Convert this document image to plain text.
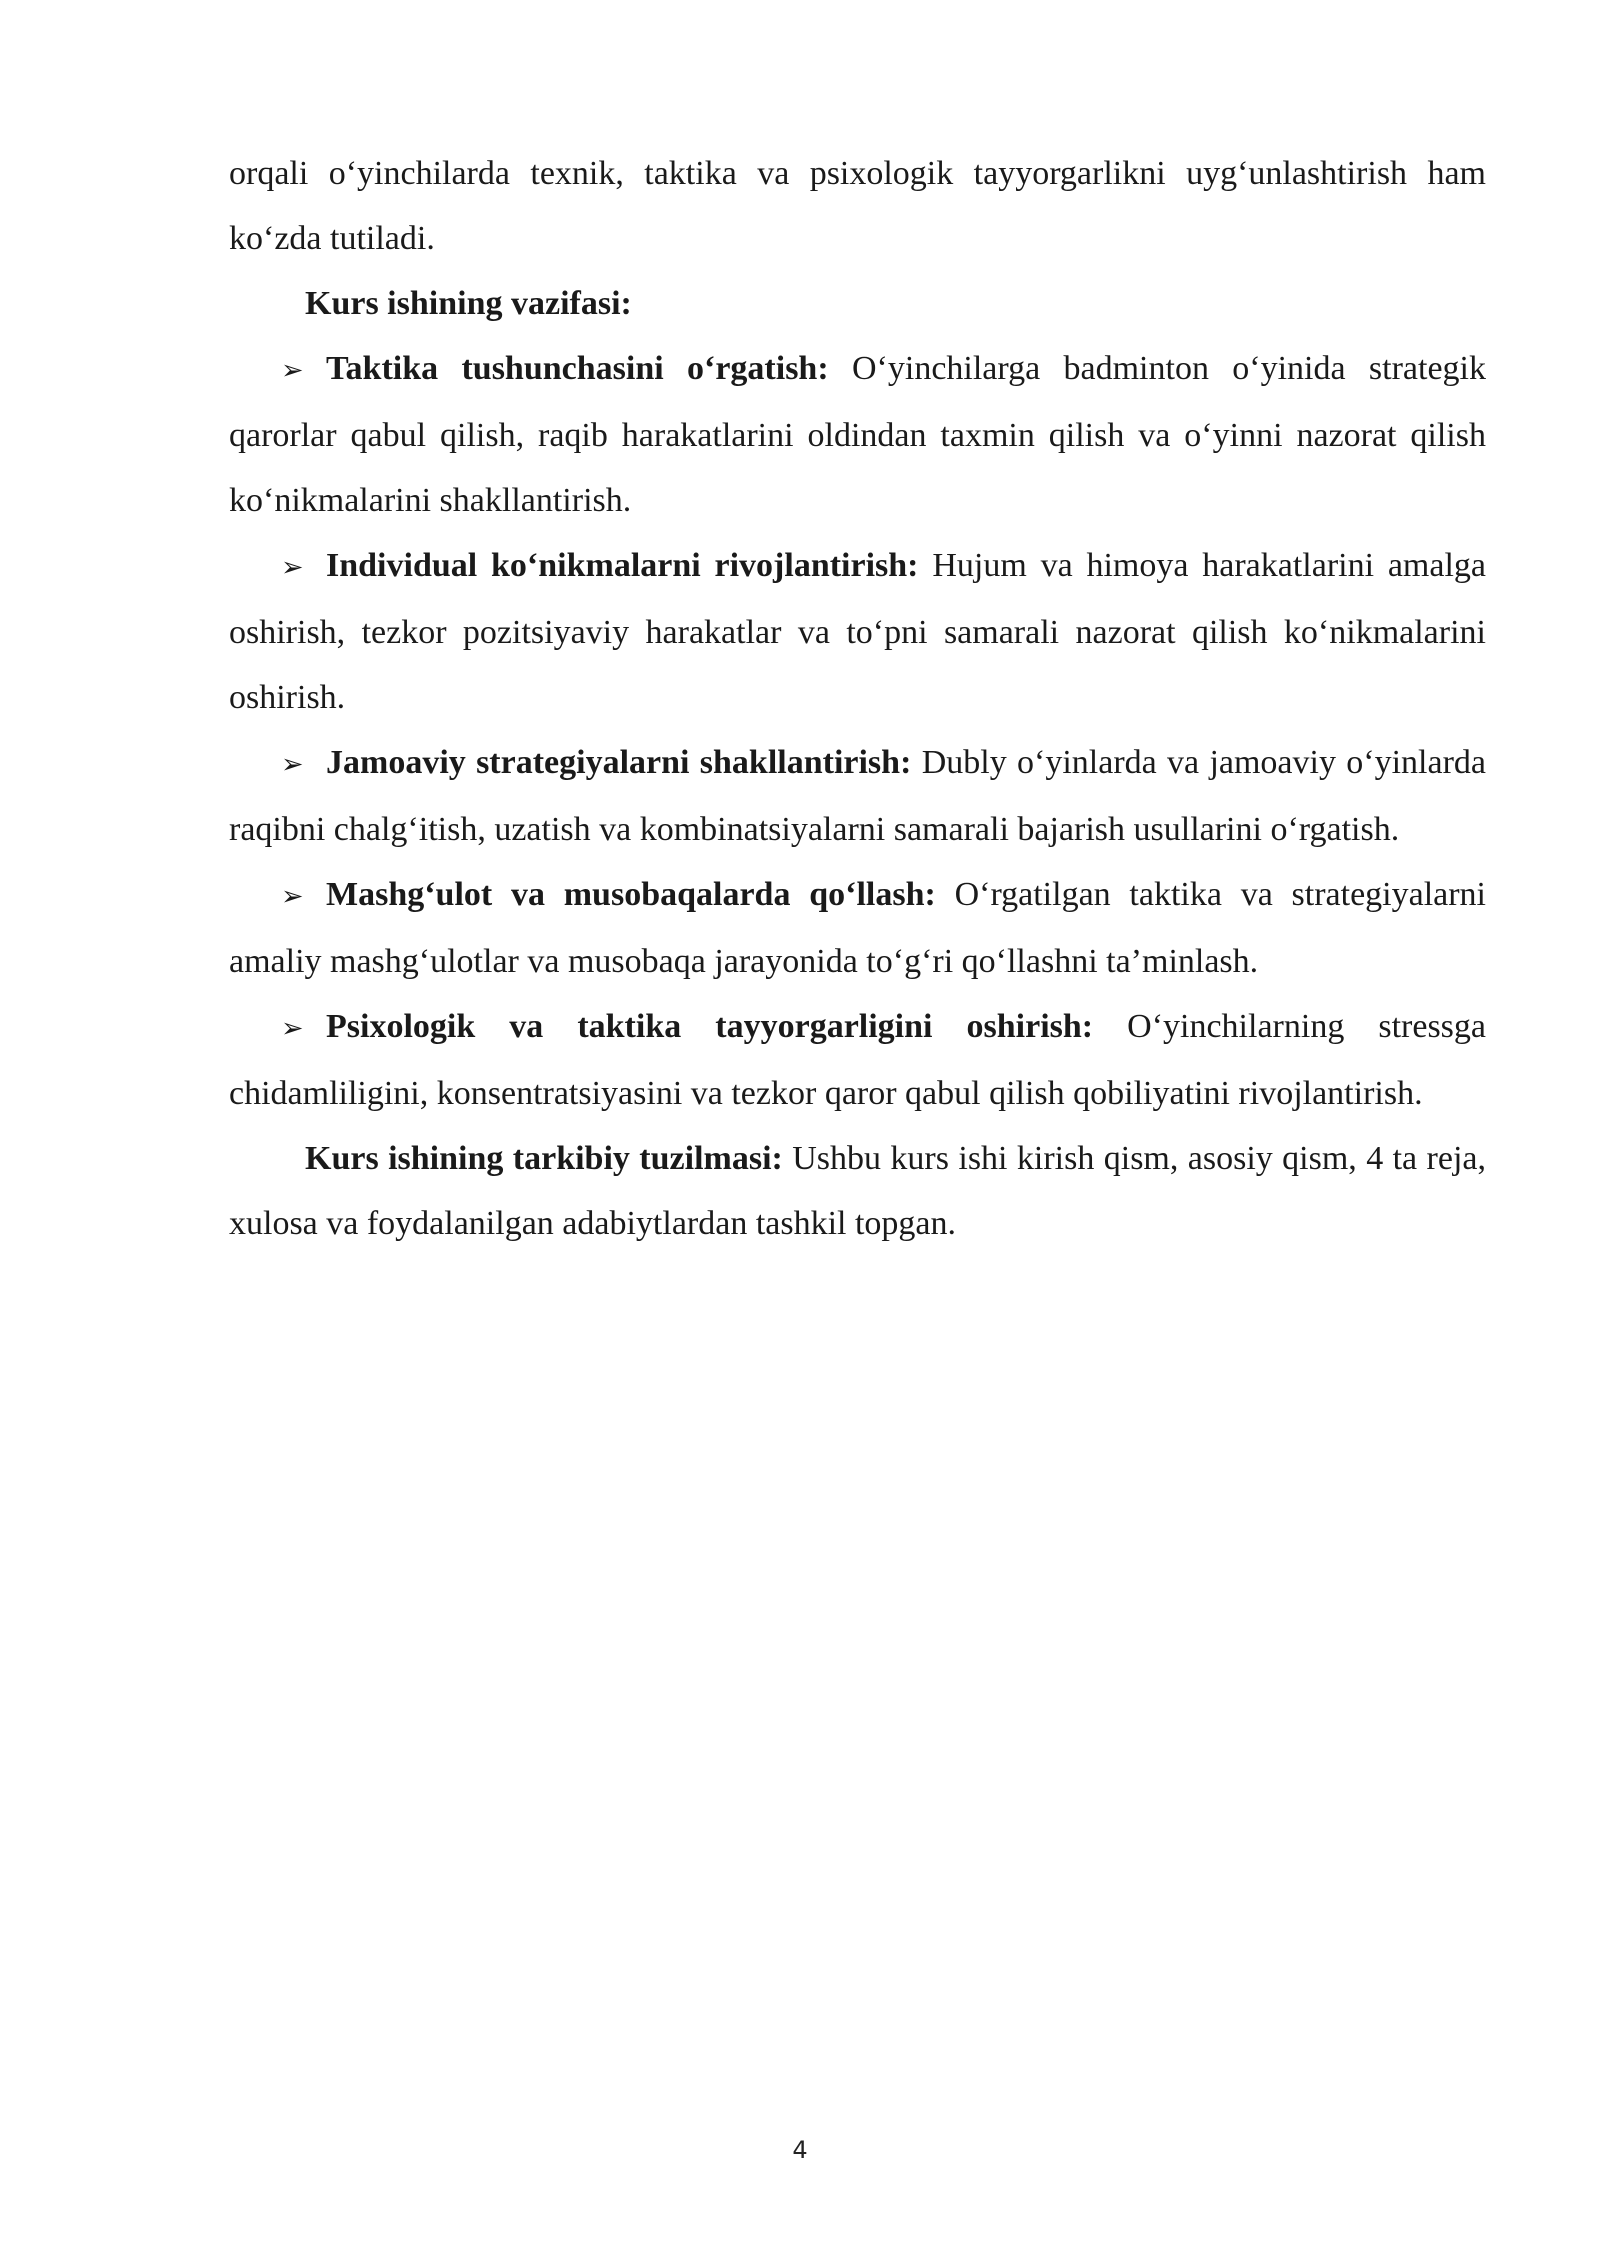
orqali o‘yinchilarda texnik, taktika va psixologik tayyorgarlikni uyg‘unlashtirish ham ko‘zda tutiladi.

Kurs ishining vazifasi:

➢ Taktika tushunchasini o‘rgatish: O‘yinchilarga badminton o‘yinida strategik qarorlar qabul qilish, raqib harakatlarini oldindan taxmin qilish va o‘yinni nazorat qilish ko‘nikmalarini shakllantirish.

➢ Individual ko‘nikmalarni rivojlantirish: Hujum va himoya harakatlarini amalga oshirish, tezkor pozitsiyaviy harakatlar va to‘pni samarali nazorat qilish ko‘nikmalarini oshirish.

➢ Jamoaviy strategiyalarni shakllantirish: Dubly o‘yinlarda va jamoaviy o‘yinlarda raqibni chalg‘itish, uzatish va kombinatsiyalarni samarali bajarish usullarini o‘rgatish.

➢ Mashg‘ulot va musobaqalarda qo‘llash: O‘rgatilgan taktika va strategiyalarni amaliy mashg‘ulotlar va musobaqa jarayonida to‘g‘ri qo‘llashni ta’minlash.

➢ Psixologik va taktika tayyorgarligini oshirish: O‘yinchilarning stressga chidamliligini, konsentratsiyasini va tezkor qaror qabul qilish qobiliyatini rivojlantirish.

Kurs ishining tarkibiy tuzilmasi: Ushbu kurs ishi kirish qism, asosiy qism, 4 ta reja, xulosa va foydalanilgan adabiytlardan tashkil topgan.

4
